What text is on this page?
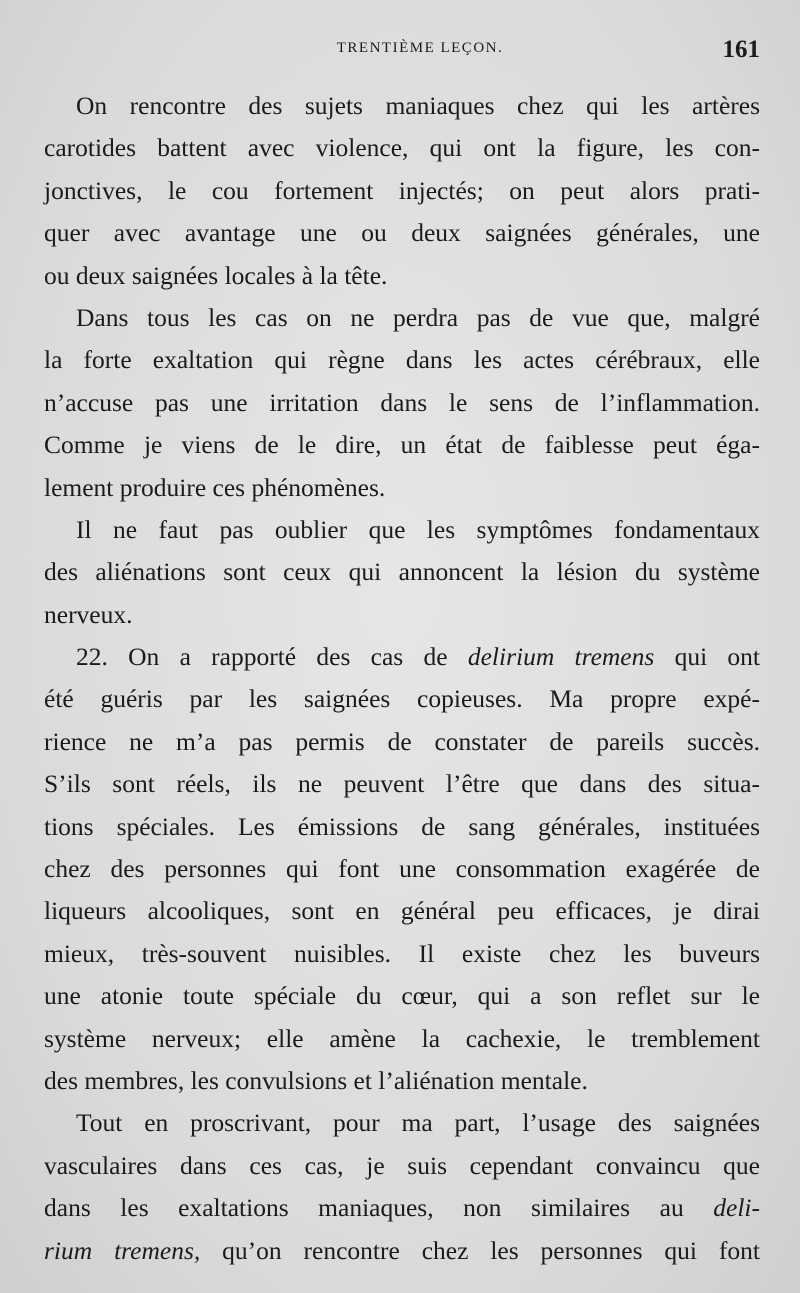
TRENTIÈME LEÇON.	161
On rencontre des sujets maniaques chez qui les artères
carotides battent avec violence, qui ont la figure, les con-
jonctives, le cou fortement injectés; on peut alors prati-
quer avec avantage une ou deux saignées générales, une
ou deux saignées locales à la tête.
Dans tous les cas on ne perdra pas de vue que, malgré
la forte exaltation qui règne dans les actes cérébraux, elle
n’accuse pas une irritation dans le sens de l’inflammation.
Comme je viens de le dire, un état de faiblesse peut éga-
lement produire ces phénomènes.
Il ne faut pas oublier que les symptômes fondamentaux
des aliénations sont ceux qui annoncent la lésion du système
nerveux.
22. On a rapporté des cas de delirium tremens qui ont
été guéris par les saignées copieuses. Ma propre expé-
rience ne m’a pas permis de constater de pareils succès.
S’ils sont réels, ils ne peuvent l’être que dans des situa-
tions spéciales. Les émissions de sang générales, instituées
chez des personnes qui font une consommation exagérée de
liqueurs alcooliques, sont en général peu efficaces, je dirai
mieux, très-souvent nuisibles. Il existe chez les buveurs
une atonie toute spéciale du cœur, qui a son reflet sur le
système nerveux; elle amène la cachexie, le tremblement
des membres, les convulsions et l’aliénation mentale.
Tout en proscrivant, pour ma part, l’usage des saignées
vasculaires dans ces cas, je suis cependant convaincu que
dans les exaltations maniaques, non similaires au deli-
rium tremens, qu’on rencontre chez les personnes qui font
